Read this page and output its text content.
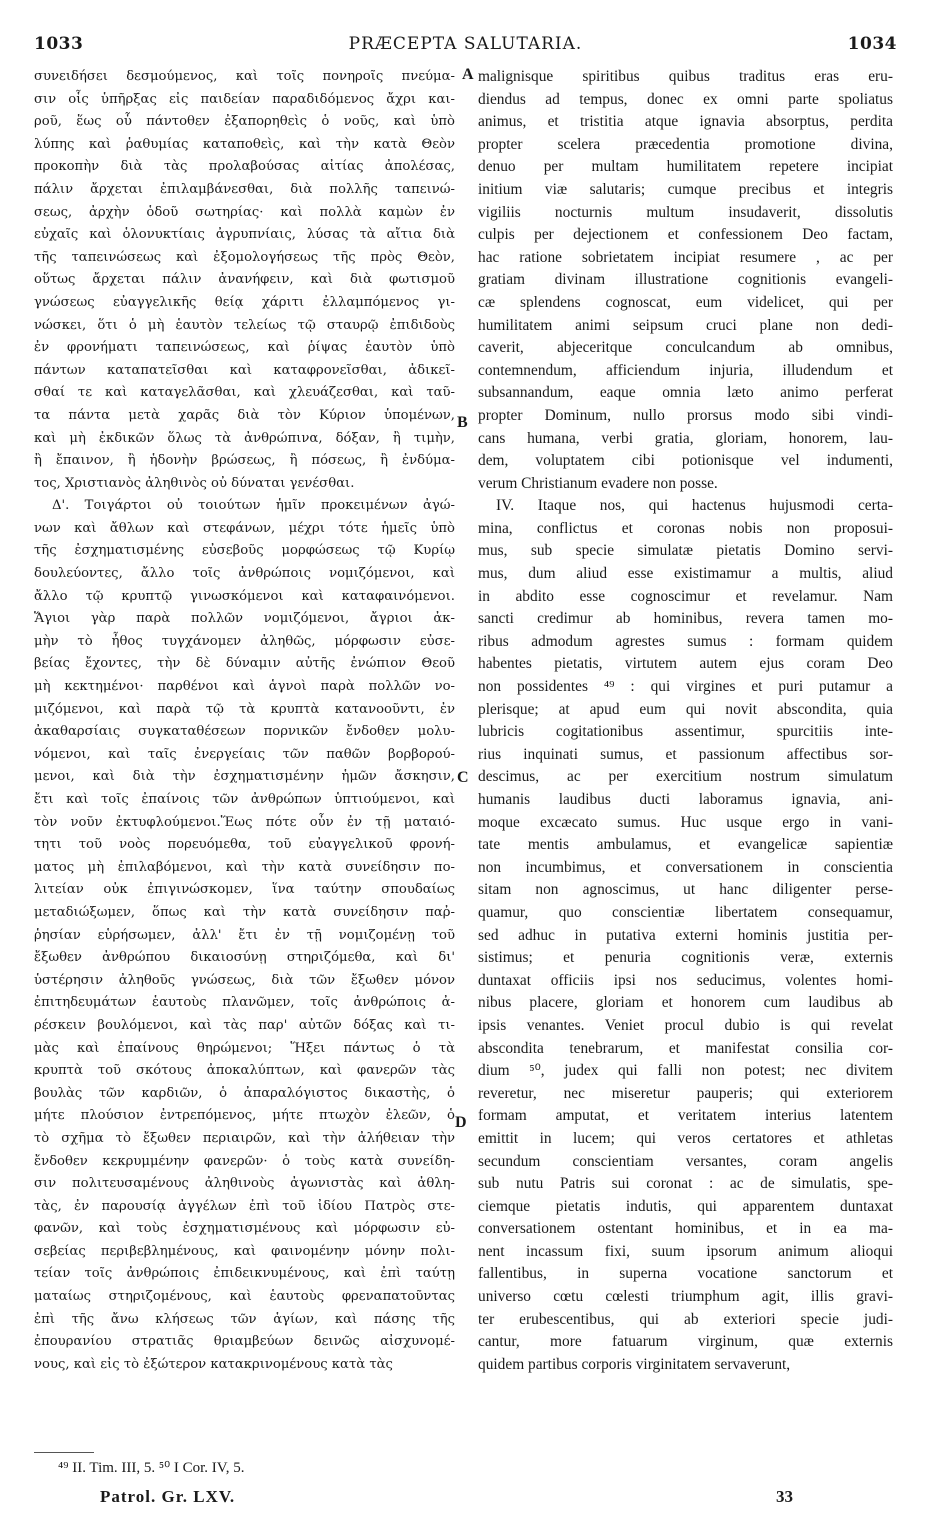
1033	PRÆCEPTA SALUTARIA.	1034
συνειδήσει δεσμούμενος, καὶ τοῖς πονηροῖς πνεύμα-
σιν οἷς ὑπῆρξας εἰς παιδείαν παραδιδόμενος ἄχρι και-
ροῦ, ἕως οὗ πάντοθεν ἐξαπορηθεὶς ὁ νοῦς, καὶ ὑπὸ
λύπης καὶ ῥαθυμίας καταποθεὶς, καὶ τὴν κατὰ Θεὸν
προκοπὴν διὰ τὰς προλαβούσας αἰτίας ἀπολέσας,
πάλιν ἄρχεται ἐπιλαμβάνεσθαι, διὰ πολλῆς ταπεινώ-
σεως, ἀρχὴν ὁδοῦ σωτηρίας· καὶ πολλὰ καμὼν ἐν
εὐχαῖς καὶ ὁλονυκτίαις ἀγρυπνίαις, λύσας τὰ αἴτια διὰ
τῆς ταπεινώσεως καὶ ἐξομολογήσεως τῆς πρὸς Θεὸν,
οὕτως ἄρχεται πάλιν ἀνανήφειν, καὶ διὰ φωτισμοῦ
γνώσεως εὐαγγελικῆς θείᾳ χάριτι ἐλλαμπόμενος γι-
νώσκει, ὅτι ὁ μὴ ἑαυτὸν τελείως τῷ σταυρῷ ἐπιδιδοὺς
ἐν φρονήματι ταπεινώσεως, καὶ ῥίψας ἑαυτὸν ὑπὸ
πάντων καταπατεῖσθαι καὶ καταφρονεῖσθαι, ἀδικεῖ-
σθαί τε καὶ καταγελᾶσθαι, καὶ χλευάζεσθαι, καὶ ταῦ-
τα πάντα μετὰ χαρᾶς διὰ τὸν Κύριον ὑπομένων,
καὶ μὴ ἐκδικῶν ὅλως τὰ ἀνθρώπινα, δόξαν, ἢ τιμὴν,
ἢ ἔπαινον, ἢ ἡδονὴν βρώσεως, ἢ πόσεως, ἢ ἐνδύμα-
τος, Χριστιανὸς ἀληθινὸς οὐ δύναται γενέσθαι.
Δ'. Τοιγάρτοι οὐ τοιούτων ἡμῖν προκειμένων ἀγώ-
νων καὶ ἄθλων καὶ στεφάνων, μέχρι τότε ἡμεῖς ὑπὸ
τῆς ἐσχηματισμένης εὐσεβοῦς μορφώσεως τῷ Κυρίῳ
δουλεύοντες, ἄλλο τοῖς ἀνθρώποις νομιζόμενοι, καὶ
ἄλλο τῷ κρυπτῷ γινωσκόμενοι καὶ καταφαινόμενοι.
Ἅγιοι γὰρ παρὰ πολλῶν νομιζόμενοι, ἄγριοι ἀκ-
μὴν τὸ ἦθος τυγχάνομεν ἀληθῶς, μόρφωσιν εὐσε-
βείας ἔχοντες, τὴν δὲ δύναμιν αὐτῆς ἐνώπιον Θεοῦ
μὴ κεκτημένοι· παρθένοι καὶ ἁγνοὶ παρὰ πολλῶν νο-
μιζόμενοι, καὶ παρὰ τῷ τὰ κρυπτὰ κατανοοῦντι, ἐν
ἀκαθαρσίαις συγκαταθέσεων πορνικῶν ἔνδοθεν μολυ-
νόμενοι, καὶ ταῖς ἐνεργείαις τῶν παθῶν βορβορού-
μενοι, καὶ διὰ τὴν ἐσχηματισμένην ἡμῶν ἄσκησιν,
ἔτι καὶ τοῖς ἐπαίνοις τῶν ἀνθρώπων ὑπτιούμενοι, καὶ
τὸν νοῦν ἐκτυφλούμενοι.Ἕως πότε οὖν ἐν τῇ ματαιό-
τητι τοῦ νοὸς πορευόμεθα, τοῦ εὐαγγελικοῦ φρονή-
ματος μὴ ἐπιλαβόμενοι, καὶ τὴν κατὰ συνείδησιν πο-
λιτείαν οὐκ ἐπιγινώσκομεν, ἵνα ταύτην σπουδαίως
μεταδιώξωμεν, ὅπως καὶ τὴν κατὰ συνείδησιν παῤ-
ῥησίαν εὑρήσωμεν, ἀλλ' ἔτι ἐν τῇ νομιζομένῃ τοῦ
ἔξωθεν ἀνθρώπου δικαιοσύνῃ στηριζόμεθα, καὶ δι'
ὑστέρησιν ἀληθοῦς γνώσεως, διὰ τῶν ἔξωθεν μόνον
ἐπιτηδευμάτων ἑαυτοὺς πλανῶμεν, τοῖς ἀνθρώποις ἀ-
ρέσκειν βουλόμενοι, καὶ τὰς παρ' αὐτῶν δόξας καὶ τι-
μὰς καὶ ἐπαίνους θηρώμενοι; Ἥξει πάντως ὁ τὰ
κρυπτὰ τοῦ σκότους ἀποκαλύπτων, καὶ φανερῶν τὰς
βουλὰς τῶν καρδιῶν, ὁ ἀπαραλόγιστος δικαστὴς, ὁ
μήτε πλούσιον ἐντρεπόμενος, μήτε πτωχὸν ἐλεῶν, ὁ
τὸ σχῆμα τὸ ἔξωθεν περιαιρῶν, καὶ τὴν ἀλήθειαν τὴν
ἔνδοθεν κεκρυμμένην φανερῶν· ὁ τοὺς κατὰ συνείδη-
σιν πολιτευσαμένους ἀληθινοὺς ἀγωνιστὰς καὶ ἀθλη-
τὰς, ἐν παρουσίᾳ ἀγγέλων ἐπὶ τοῦ ἰδίου Πατρὸς στε-
φανῶν, καὶ τοὺς ἐσχηματισμένους καὶ μόρφωσιν εὐ-
σεβείας περιβεβλημένους, καὶ φαινομένην μόνην πολι-
τείαν τοῖς ἀνθρώποις ἐπιδεικνυμένους, καὶ ἐπὶ ταύτῃ
ματαίως στηριζομένους, καὶ ἑαυτοὺς φρεναπατοῦντας
ἐπὶ τῆς ἄνω κλήσεως τῶν ἁγίων, καὶ πάσης τῆς
ἐπουρανίου στρατιᾶς θριαμβεύων δεινῶς αἰσχυνομέ-
νους, καὶ εἰς τὸ ἐξώτερον κατακρινομένους κατὰ τὰς
malignisque spiritibus quibus traditus eras eru-
diendus ad tempus, donec ex omni parte spoliatus
animus, et tristitia atque ignavia absorptus, perdita
propter scelera præcedentia promotione divina,
denuo per multam humilitatem repetere incipiat
initium viæ salutaris; cumque precibus et integris
vigiliis nocturnis multum insudaverit, dissolutis
culpis per dejectionem et confessionem Deo factam,
hac ratione sobrietatem incipiat resumere , ac per
gratiam divinam illustratione cognitionis evangeli-
cæ splendens cognoscat, eum videlicet, qui per
humilitatem animi seipsum cruci plane non dedi-
caverit, abjeceritque conculcandum ab omnibus,
contemnendum, afficiendum injuria, illudendum et
subsannandum, eaque omnia læto animo perferat
propter Dominum, nullo prorsus modo sibi vindi-
cans humana, verbi gratia, gloriam, honorem, lau-
dem, voluptatem cibi potionisque vel indumenti,
verum Christianum evadere non posse.
IV. Itaque nos, qui hactenus hujusmodi certa-
mina, conflictus et coronas nobis non proposui-
mus, sub specie simulatæ pietatis Domino servi-
mus, dum aliud esse existimamur a multis, aliud
in abdito esse cognoscimur et revelamur. Nam
sancti credimur ab hominibus, revera tamen mo-
ribus admodum agrestes sumus : formam quidem
habentes pietatis, virtutem autem ejus coram Deo
non possidentes ⁴⁹ : qui virgines et puri putamur a
plerisque; at apud eum qui novit abscondita, quia
lubricis cogitationibus assentimur, spurcitiis inte-
rius inquinati sumus, et passionum affectibus sor-
descimus, ac per exercitium nostrum simulatum
humanis laudibus ducti laboramus ignavia, ani-
moque excæcato sumus. Huc usque ergo in vani-
tate mentis ambulamus, et evangelicæ sapientiæ
non incumbimus, et conversationem in conscientia
sitam non agnoscimus, ut hanc diligenter perse-
quamur, quo conscientiæ libertatem consequamur,
sed adhuc in putativa externi hominis justitia per-
sistimus; et penuria cognitionis veræ, externis
duntaxat officiis ipsi nos seducimus, volentes homi-
nibus placere, gloriam et honorem cum laudibus ab
ipsis venantes. Veniet procul dubio is qui revelat
abscondita tenebrarum, et manifestat consilia cor-
dium ⁵⁰, judex qui falli non potest; nec divitem
reveretur, nec miseretur pauperis; qui exteriorem
formam amputat, et veritatem interius latentem
emittit in lucem; qui veros certatores et athletas
secundum conscientiam versantes, coram angelis
sub nutu Patris sui coronat : ac de simulatis, spe-
ciemque pietatis indutis, qui apparentem duntaxat
conversationem ostentant hominibus, et in ea ma-
nent incassum fixi, suum ipsorum animum alioqui
fallentibus, in superna vocatione sanctorum et
universo cœtu cœlesti triumphum agit, illis gravi-
ter erubescentibus, qui ab exteriori specie judi-
cantur, more fatuarum virginum, quæ externis
quidem partibus corporis virginitatem servaverunt,
A
B
C
D
⁴⁹ II. Tim. III, 5. ⁵⁰ I Cor. IV, 5.
Patrol. Gr. LXV.	33
